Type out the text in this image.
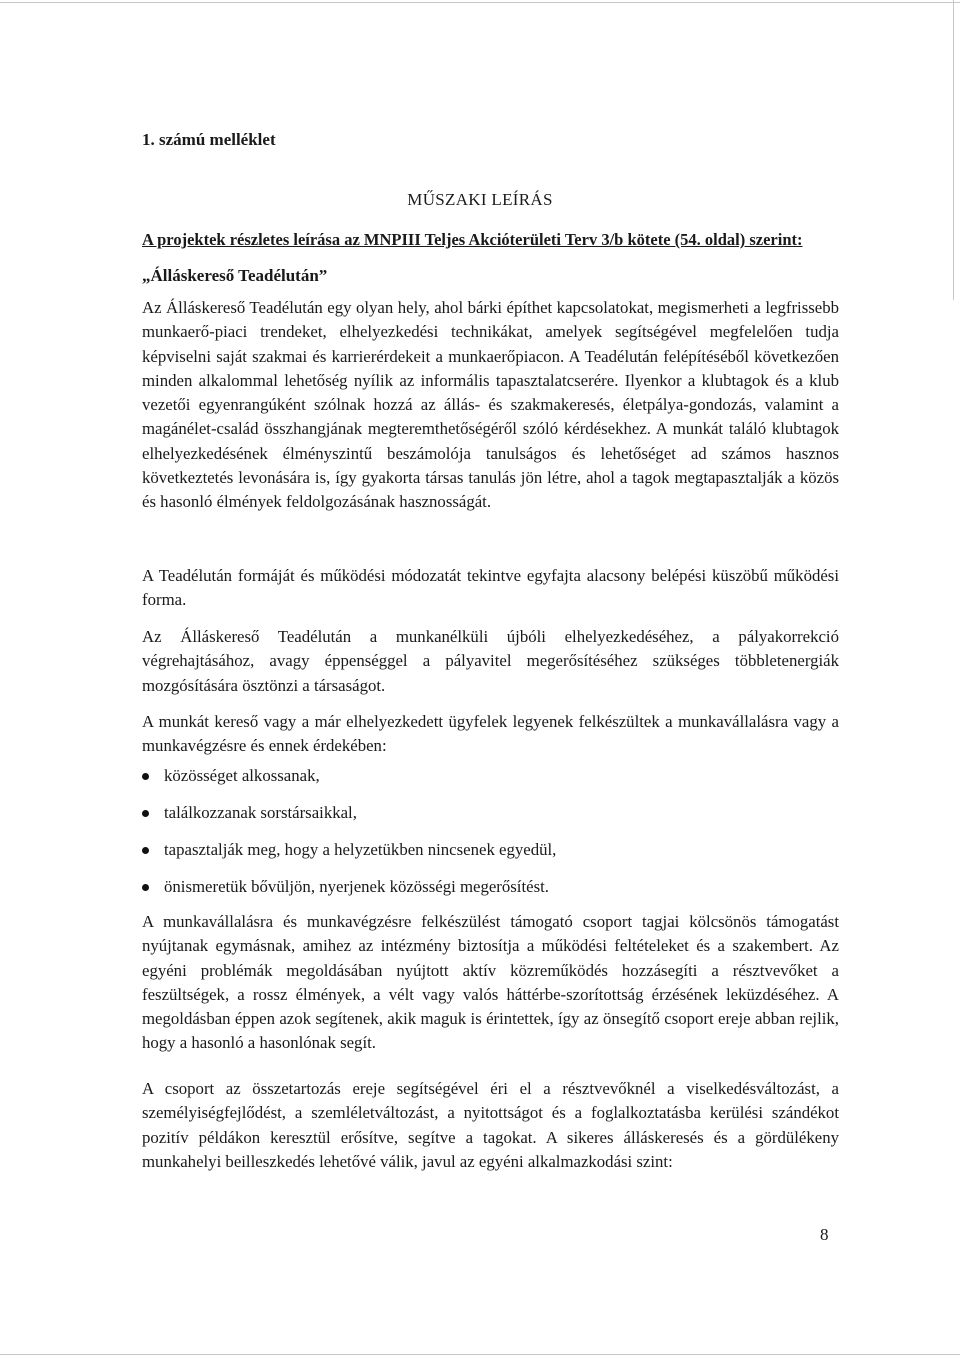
1. számú melléklet
MŰSZAKI LEÍRÁS
A projektek részletes leírása az MNPIII Teljes Akcióterületi Terv 3/b kötete (54. oldal) szerint:
„Álláskereső Teadélután”

Az Álláskereső Teadélután egy olyan hely, ahol bárki építhet kapcsolatokat, megismerheti a legfrissebb munkaerő-piaci trendeket, elhelyezkedési technikákat, amelyek segítségével megfelelően tudja képviselni saját szakmai és karrierérdekeit a munkaerőpiacon. A Teadélután felépítéséből következően minden alkalommal lehetőség nyílik az informális tapasztalatcserére. Ilyenkor a klubtagok és a klub vezetői egyenrangúként szólnak hozzá az állás- és szakmakeresés, életpálya-gondozás, valamint a magánélet-család összhangjának megteremthetőségéről szóló kérdésekhez. A munkát találó klubtagok elhelyezkedésének élményszintű beszámolója tanulságos és lehetőséget ad számos hasznos következtetés levonására is, így gyakorta társas tanulás jön létre, ahol a tagok megtapasztalják a közös és hasonló élmények feldolgozásának hasznosságát.

A Teadélután formáját és működési módozatát tekintve egyfajta alacsony belépési küszöbű működési forma.

Az Álláskereső Teadélután a munkanélküli újbóli elhelyezkedéséhez, a pályakorrekció végrehajtásához, avagy éppenséggel a pályavitel megerősítéséhez szükséges többletenergiák mozgósítására ösztönzi a társaságot.

A munkát kereső vagy a már elhelyezkedett ügyfelek legyenek felkészültek a munkavállalásra vagy a munkavégzésre és ennek érdekében:

közösséget alkossanak,
találkozzanak sorstársaikkal,
tapasztalják meg, hogy a helyzetükben nincsenek egyedül,
önismeretük bővüljön, nyerjenek közösségi megerősítést.

A munkavállalásra és munkavégzésre felkészülést támogató csoport tagjai kölcsönös támogatást nyújtanak egymásnak, amihez az intézmény biztosítja a működési feltételeket és a szakembert. Az egyéni problémák megoldásában nyújtott aktív közreműködés hozzásegíti a résztvevőket a feszültségek, a rossz élmények, a vélt vagy valós háttérbe-szorítottság érzésének leküzdéséhez. A megoldásban éppen azok segítenek, akik maguk is érintettek, így az önsegítő csoport ereje abban rejlik, hogy a hasonló a hasonlónak segít.

A csoport az összetartozás ereje segítségével éri el a résztvevőknél a viselkedésváltozást, a személyiségfejlődést, a szemléletváltozást, a nyitottságot és a foglalkoztatásba kerülési szándékot pozitív példákon keresztül erősítve, segítve a tagokat. A sikeres álláskeresés és a gördülékeny munkahelyi beilleszkedés lehetővé válik, javul az egyéni alkalmazkodási szint:

8
